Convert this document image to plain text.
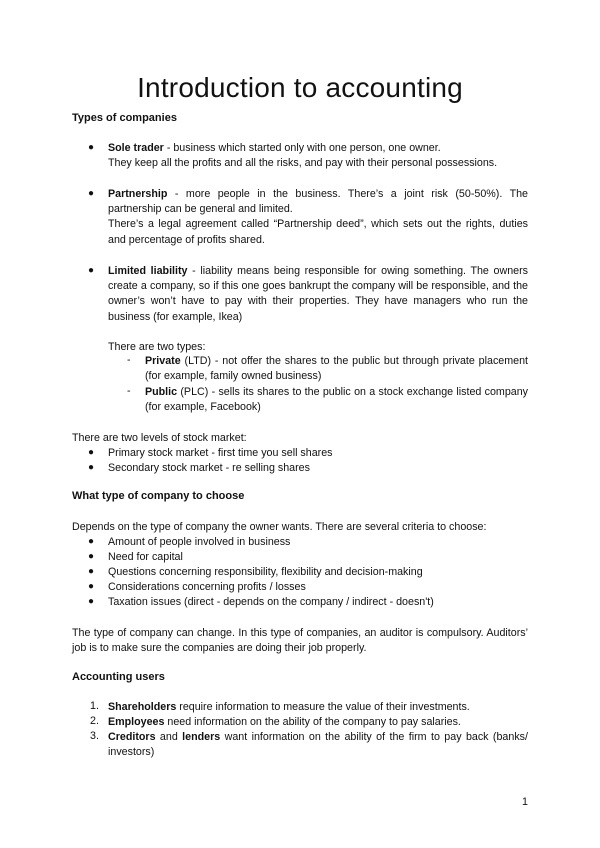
Introduction to accounting
Types of companies
● Sole trader - business which started only with one person, one owner.
They keep all the profits and all the risks, and pay with their personal possessions.
● Partnership - more people in the business. There’s a joint risk (50-50%). The partnership can be general and limited.
There’s a legal agreement called “Partnership deed”, which sets out the rights, duties and percentage of profits shared.
● Limited liability - liability means being responsible for owing something. The owners create a company, so if this one goes bankrupt the company will be responsible, and the owner’s won’t have to pay with their properties. They have managers who run the business (for example, Ikea)
There are two types:
- Private (LTD) - not offer the shares to the public but through private placement (for example, family owned business)
- Public (PLC) - sells its shares to the public on a stock exchange listed company (for example, Facebook)
There are two levels of stock market:
● Primary stock market - first time you sell shares
● Secondary stock market - re selling shares
What type of company to choose
Depends on the type of company the owner wants. There are several criteria to choose:
● Amount of people involved in business
● Need for capital
● Questions concerning responsibility, flexibility and decision-making
● Considerations concerning profits / losses
● Taxation issues (direct - depends on the company / indirect - doesn't)
The type of company can change. In this type of companies, an auditor is compulsory. Auditors’ job is to make sure the companies are doing their job properly.
Accounting users
1. Shareholders require information to measure the value of their investments.
2. Employees need information on the ability of the company to pay salaries.
3. Creditors and lenders want information on the ability of the firm to pay back (banks/ investors)
1
